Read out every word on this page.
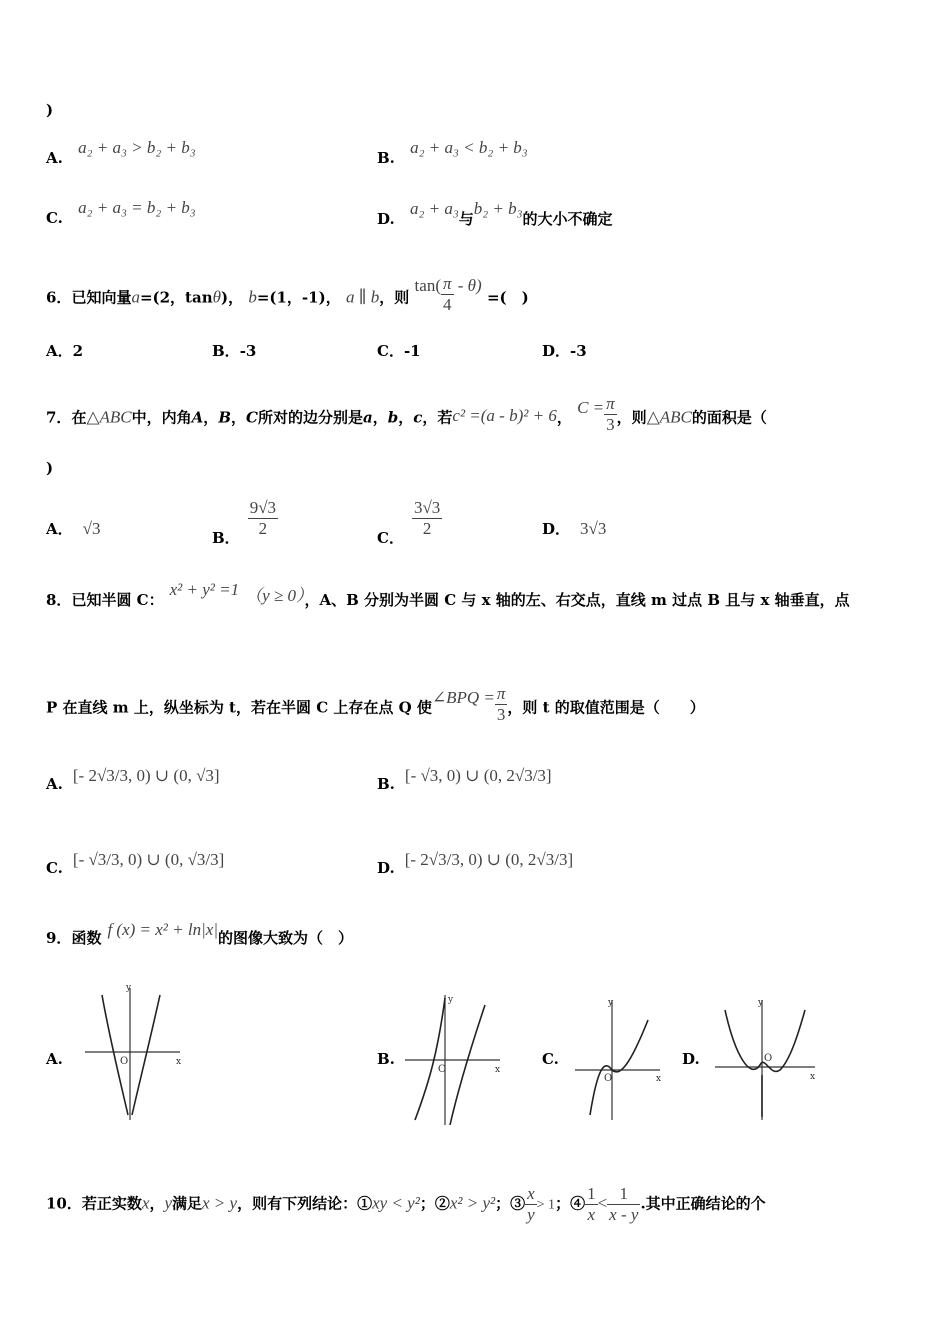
)
A. a₂ + a₃ > b₂ + b₃
B. a₂ + a₃ < b₂ + b₃
C. a₂ + a₃ = b₂ + b₃
D. a₂ + a₃与b₂ + b₃的大小不确定
6．已知向量a=(2，tanθ)， b=(1，-1)， a ∥ b，则 $\tan( \frac{\pi}{4} - \theta)$ =(　)
A．2	B．-3	C．-1	D．-3
7．在△ABC中，内角A，B，C所对的边分别是a，b，c，若c² =(a - b)² + 6， $C = \frac{\pi}{3}$ ，则△ABC的面积是（
)
A． √3	B． $\frac{9√3}{2}$	C． $\frac{3√3}{2}$	D． 3√3
8．已知半圆 C：x² + y² =1 （y ≥ 0），A、B 分别为半圆 C 与 x 轴的左、右交点，直线 m 过点 B 且与 x 轴垂直，点
P 在直线 m 上，纵坐标为 t，若在半圆 C 上存在点 Q 使∠BPQ = $\frac{\pi}{3}$ ，则 t 的取值范围是（　　）
A. [- 2√3/3, 0) ∪ (0, √3]	B. [- √3, 0) ∪ (0, 2√3/3]
C. [- √3/3, 0) ∪ (0, √3/3]	D. [- 2√3/3, 0) ∪ (0, 2√3/3]
9．函数 f (x) = x² + ln|x|的图像大致为（　）
A.
y
x
O	B.
y
x
O
C.
y
x
O
D.
y
x
O
10．若正实数x，y满足x > y，则有下列结论：①xy < y²；②x² > y²；③ $\frac{x}{y} > 1$；④ $\frac{1}{x} < \frac{1}{x - y}$ .其中正确结论的个
